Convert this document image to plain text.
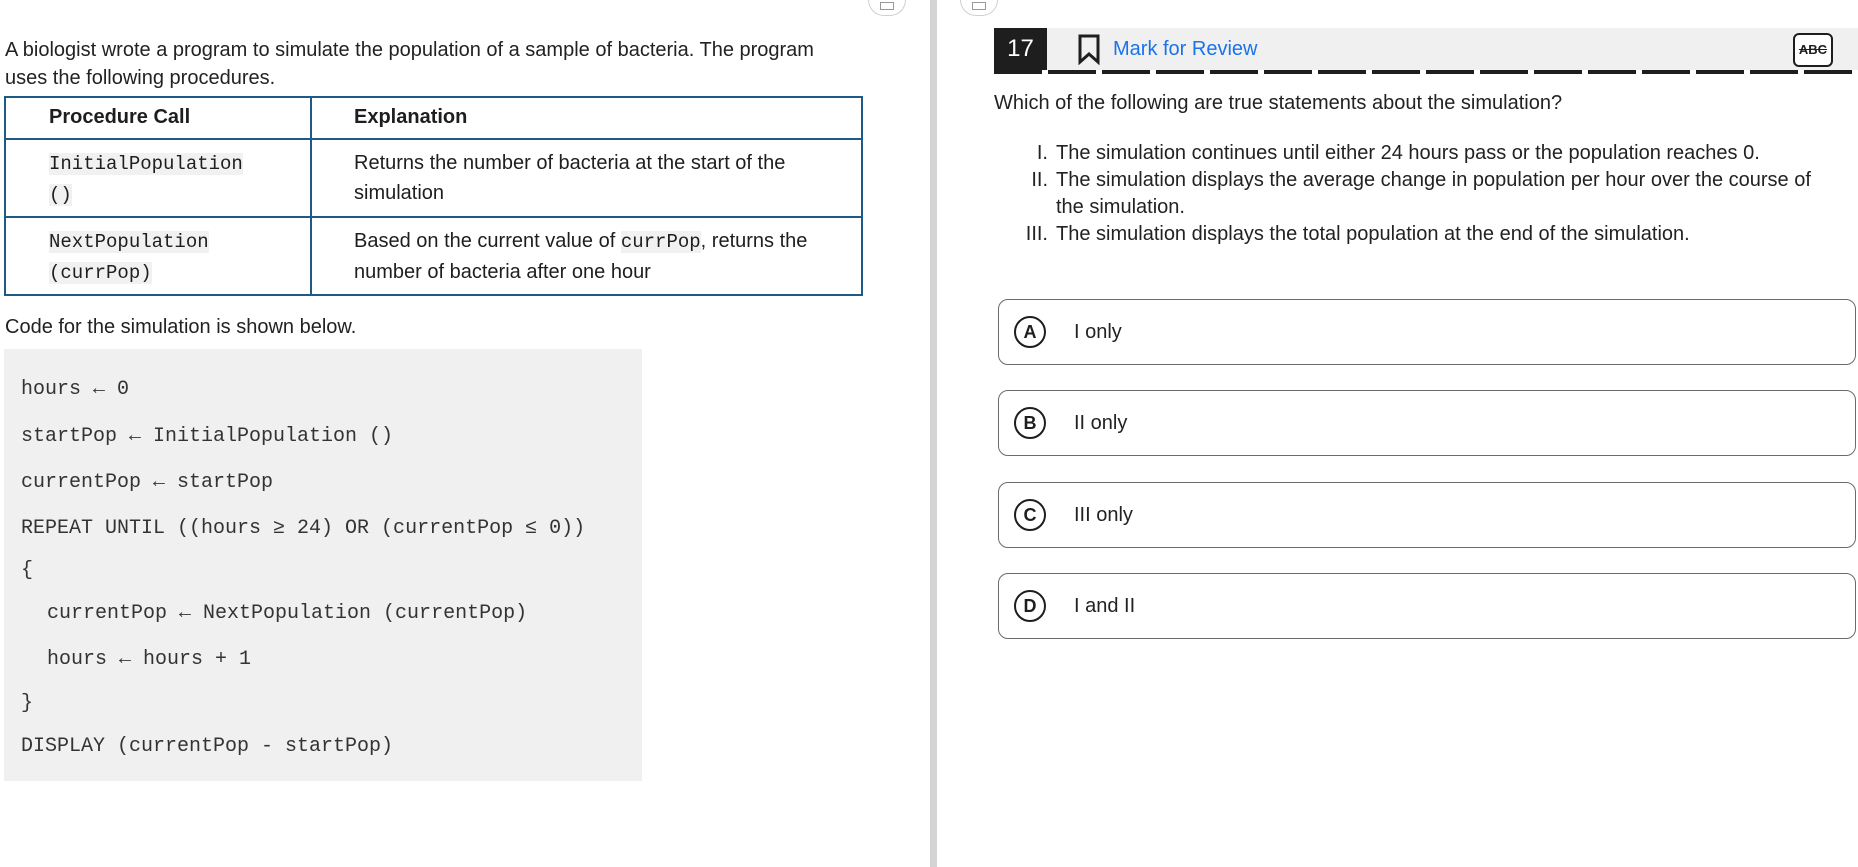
A biologist wrote a program to simulate the population of a sample of bacteria. The program uses the following procedures.

Procedure Call	Explanation
InitialPopulation
()	Returns the number of bacteria at the start of the simulation
NextPopulation
(currPop)	Based on the current value of currPop, returns the number of bacteria after one hour

Code for the simulation is shown below.

hours ← 0
startPop ← InitialPopulation ()
currentPop ← startPop
REPEAT UNTIL ((hours ≥ 24) OR (currentPop ≤ 0))
{
currentPop ← NextPopulation (currentPop)
hours ← hours + 1
}
DISPLAY (currentPop - startPop)
17	Mark for Review	ABC

Which of the following are true statements about the simulation?

I. The simulation continues until either 24 hours pass or the population reaches 0.
II. The simulation displays the average change in population per hour over the course of the simulation.
III. The simulation displays the total population at the end of the simulation.
A	I only
B	II only
C	III only
D	I and II
